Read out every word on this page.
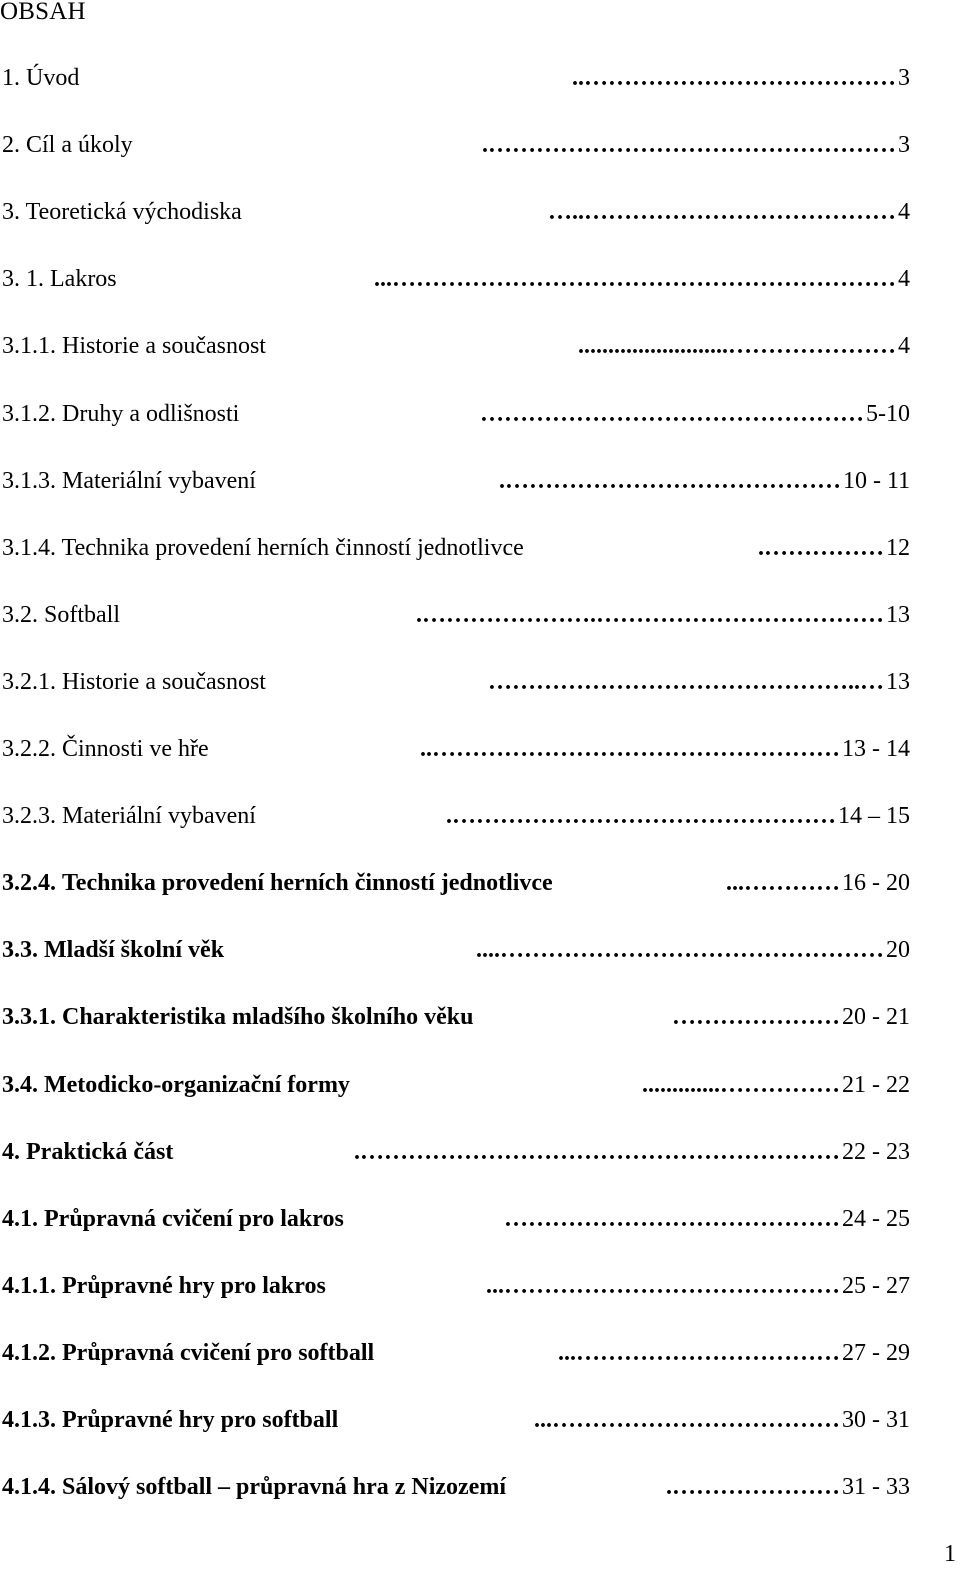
OBSAH
1. Úvod	3
…………………………………..
2. Cíl a úkoly	3
…………………………………………….
3. Teoretická východiska	4
…………………………………..…
3. 1. Lakros	4
………………………………………………………...
3.1.1. Historie a současnost	4
………………….........................
3.1.2. Druhy a odlišnosti	5-10
…………………………………………
3.1.3. Materiální vybavení	10 - 11
…………………………………….
3.1.4. Technika provedení herních činností jednotlivce	12
…………….
3.2. Softball	13
……………………………….………………….
3.2.1. Historie a současnost	13
…..………………………………………
3.2.2. Činnosti ve hře	13 - 14
……………………………………………..
3.2.3. Materiální vybavení	14 – 15
………………………………………….
3.2.4. Technika provedení herních činností jednotlivce	16 - 20
…………...
3.3. Mladší školní věk	20
…………………………………………....
3.3.1. Charakteristika mladšího školního věku	20 - 21
…………………
3.4. Metodicko-organizační formy	21 - 22
…………….............
4. Praktická část	22 - 23
…………………………………………………….
4.1. Průpravná cvičení pro lakros	24 - 25
……………………………………
4.1.1. Průpravné hry pro lakros	25 - 27
……………………………………...
4.1.2. Průpravná cvičení pro softball	27 - 29
……………………………...
4.1.3. Průpravné hry pro softball	30 - 31
………………………………...
4.1.4. Sálový softball – průpravná hra z Nizozemí	31 - 33
………………….
1
